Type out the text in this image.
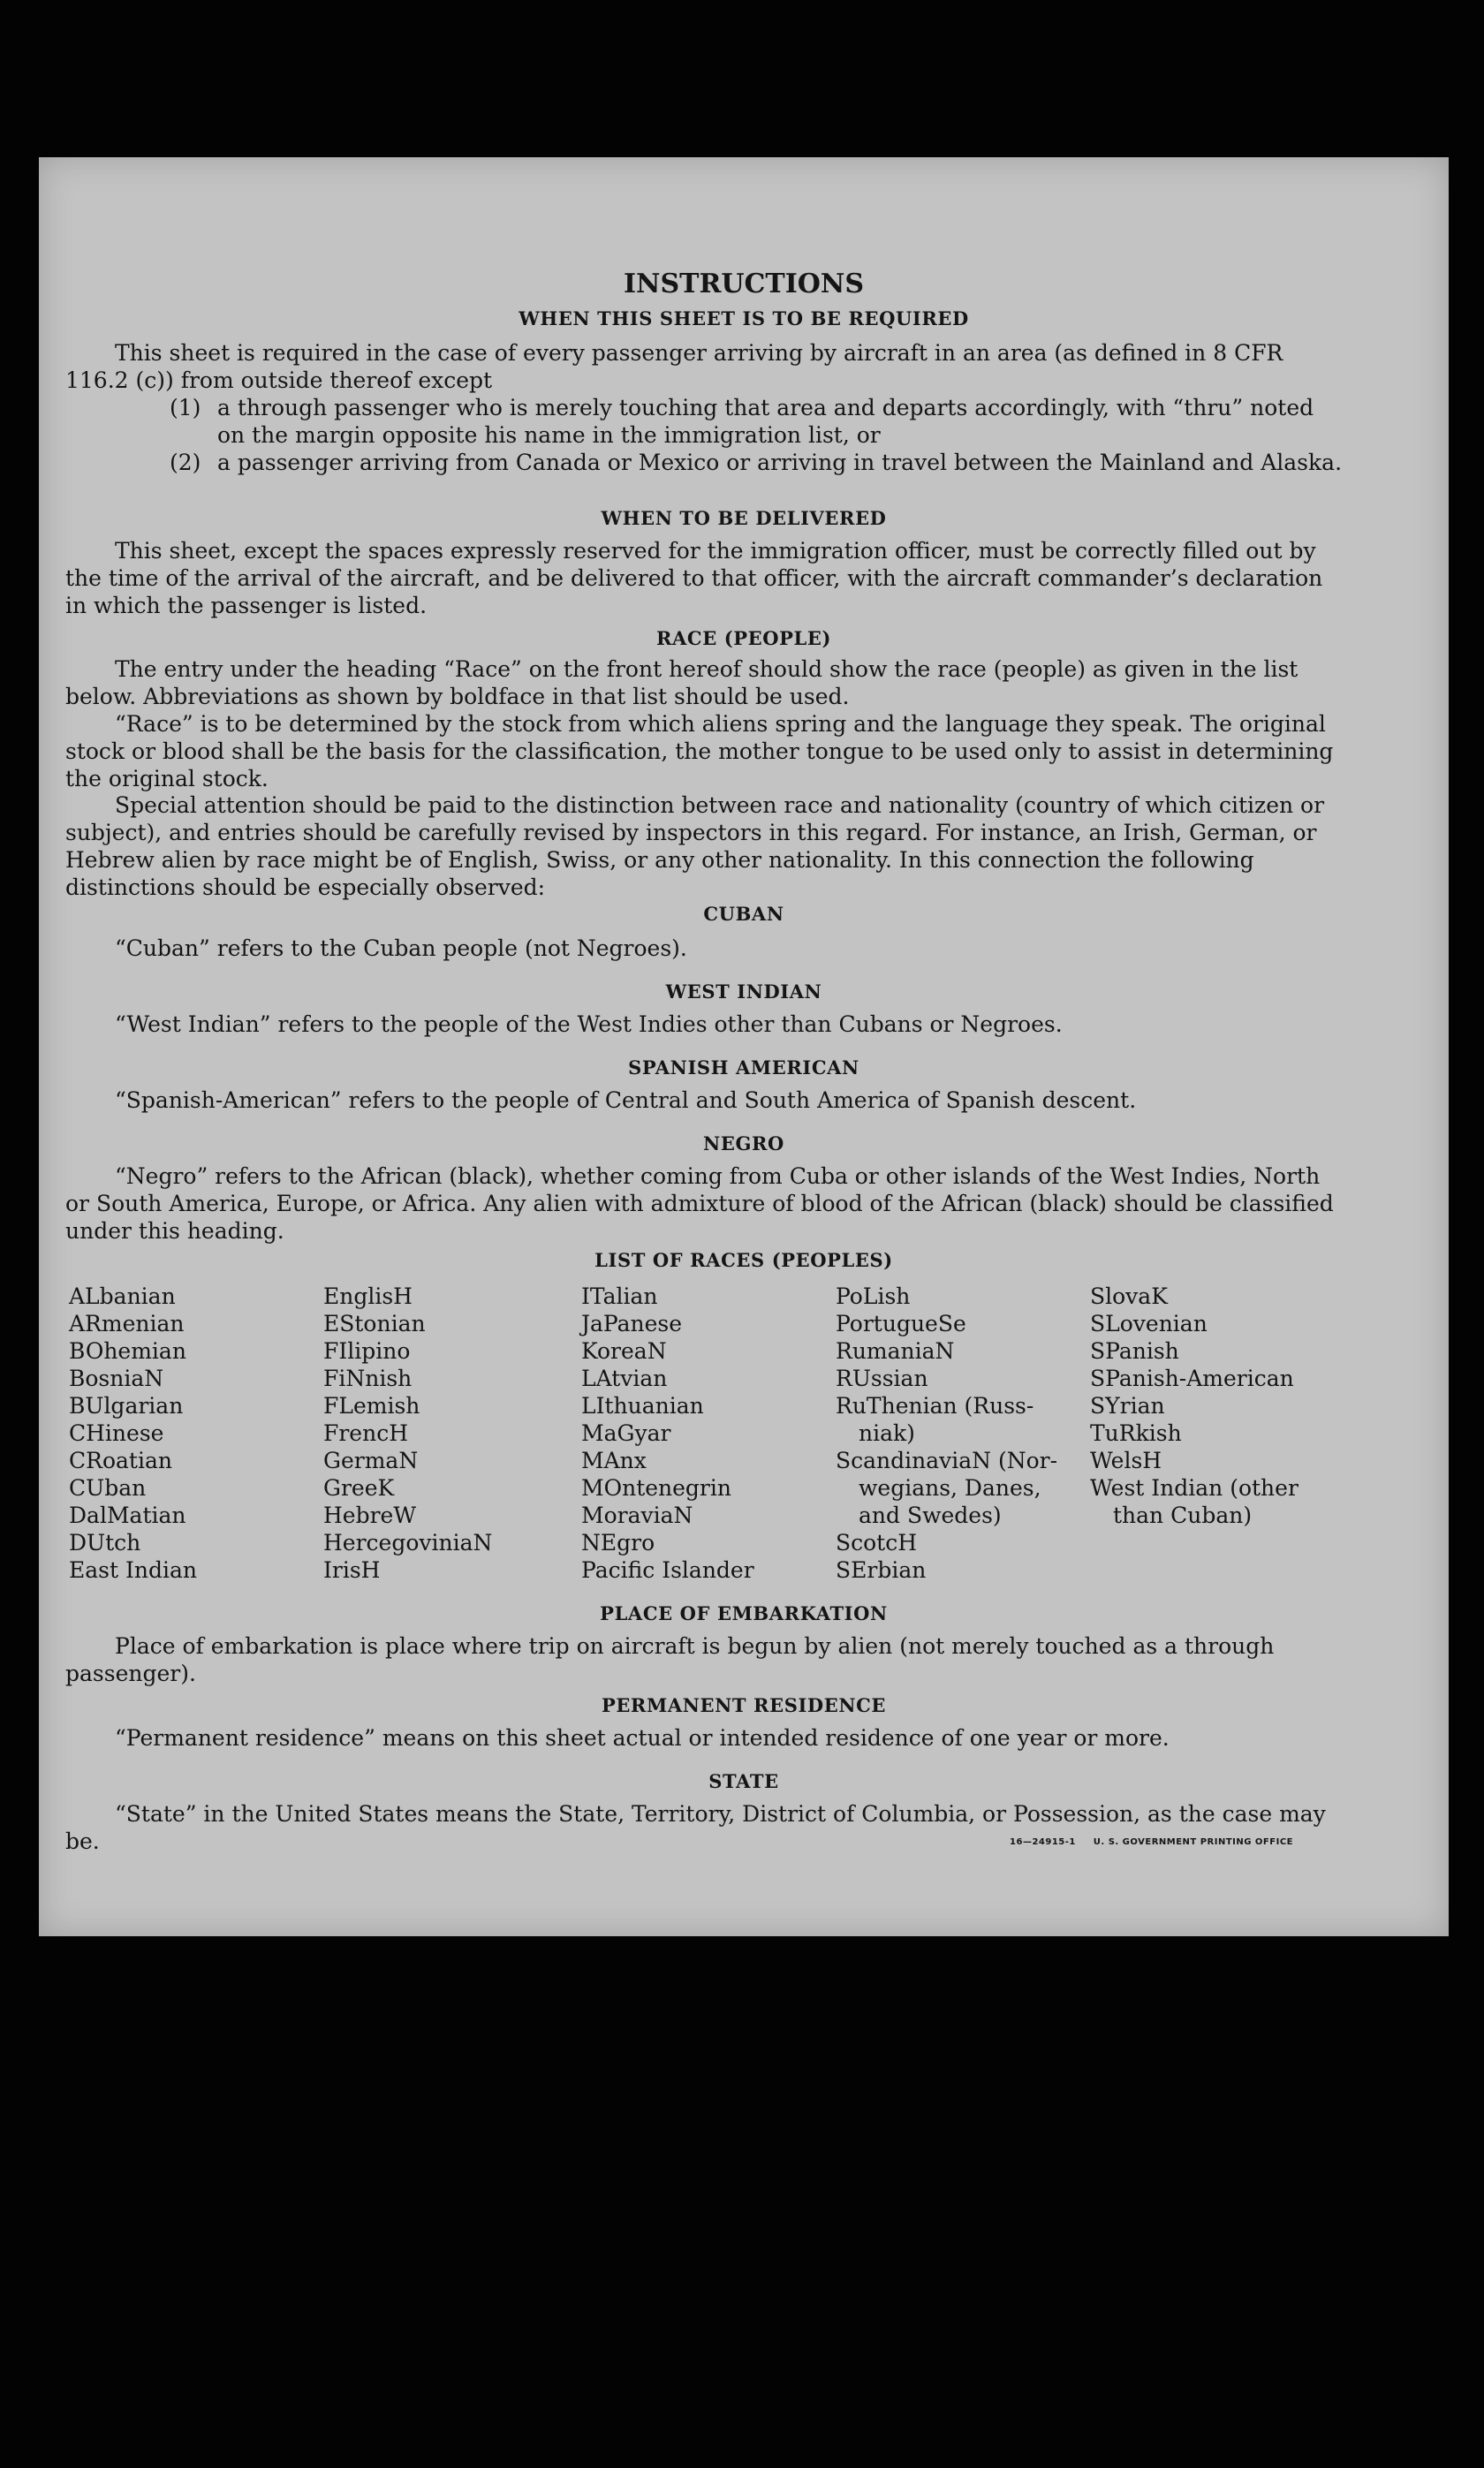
INSTRUCTIONS
WHEN THIS SHEET IS TO BE REQUIRED
This sheet is required in the case of every passenger arriving by aircraft in an area (as defined in 8 CFR 116.2 (c)) from outside thereof except
(1) a through passenger who is merely touching that area and departs accordingly, with “thru” noted on the margin opposite his name in the immigration list, or
(2) a passenger arriving from Canada or Mexico or arriving in travel between the Mainland and Alaska.
WHEN TO BE DELIVERED
This sheet, except the spaces expressly reserved for the immigration officer, must be correctly filled out by the time of the arrival of the aircraft, and be delivered to that officer, with the aircraft commander’s declaration in which the passenger is listed.
RACE (PEOPLE)
The entry under the heading “Race” on the front hereof should show the race (people) as given in the list below. Abbreviations as shown by boldface in that list should be used.
“Race” is to be determined by the stock from which aliens spring and the language they speak. The original stock or blood shall be the basis for the classification, the mother tongue to be used only to assist in determining the original stock.
Special attention should be paid to the distinction between race and nationality (country of which citizen or subject), and entries should be carefully revised by inspectors in this regard. For instance, an Irish, German, or Hebrew alien by race might be of English, Swiss, or any other nationality. In this connection the following distinctions should be especially observed:
CUBAN
“Cuban” refers to the Cuban people (not Negroes).
WEST INDIAN
“West Indian” refers to the people of the West Indies other than Cubans or Negroes.
SPANISH AMERICAN
“Spanish-American” refers to the people of Central and South America of Spanish descent.
NEGRO
“Negro” refers to the African (black), whether coming from Cuba or other islands of the West Indies, North or South America, Europe, or Africa. Any alien with admixture of blood of the African (black) should be classified under this heading.
LIST OF RACES (PEOPLES)
ALbanian
ARmenian
BOhemian
BosniaN
BUlgarian
CHinese
CRoatian
CUban
DalMatian
DUtch
East Indian
EnglisH
EStonian
FIlipino
FiNnish
FLemish
FrencH
GermaN
GreeK
HebreW
HercegoviniaN
IrisH
ITalian
JaPanese
KoreaN
LAtvian
LIthuanian
MaGyar
MAnx
MOntenegrin
MoraviaN
NEgro
Pacific Islander
PoLish
PortugueSe
RumaniaN
RUssian
RuThenian (Russ-
niak)
ScandinaviaN (Nor-
wegians, Danes,
and Swedes)
ScotcH
SErbian
SlovaK
SLovenian
SPanish
SPanish-American
SYrian
TuRkish
WelsH
West Indian (other
than Cuban)
PLACE OF EMBARKATION
Place of embarkation is place where trip on aircraft is begun by alien (not merely touched as a through passenger).
PERMANENT RESIDENCE
“Permanent residence” means on this sheet actual or intended residence of one year or more.
STATE
“State” in the United States means the State, Territory, District of Columbia, or Possession, as the case may be.	16—24915-1 U. S. GOVERNMENT PRINTING OFFICE
